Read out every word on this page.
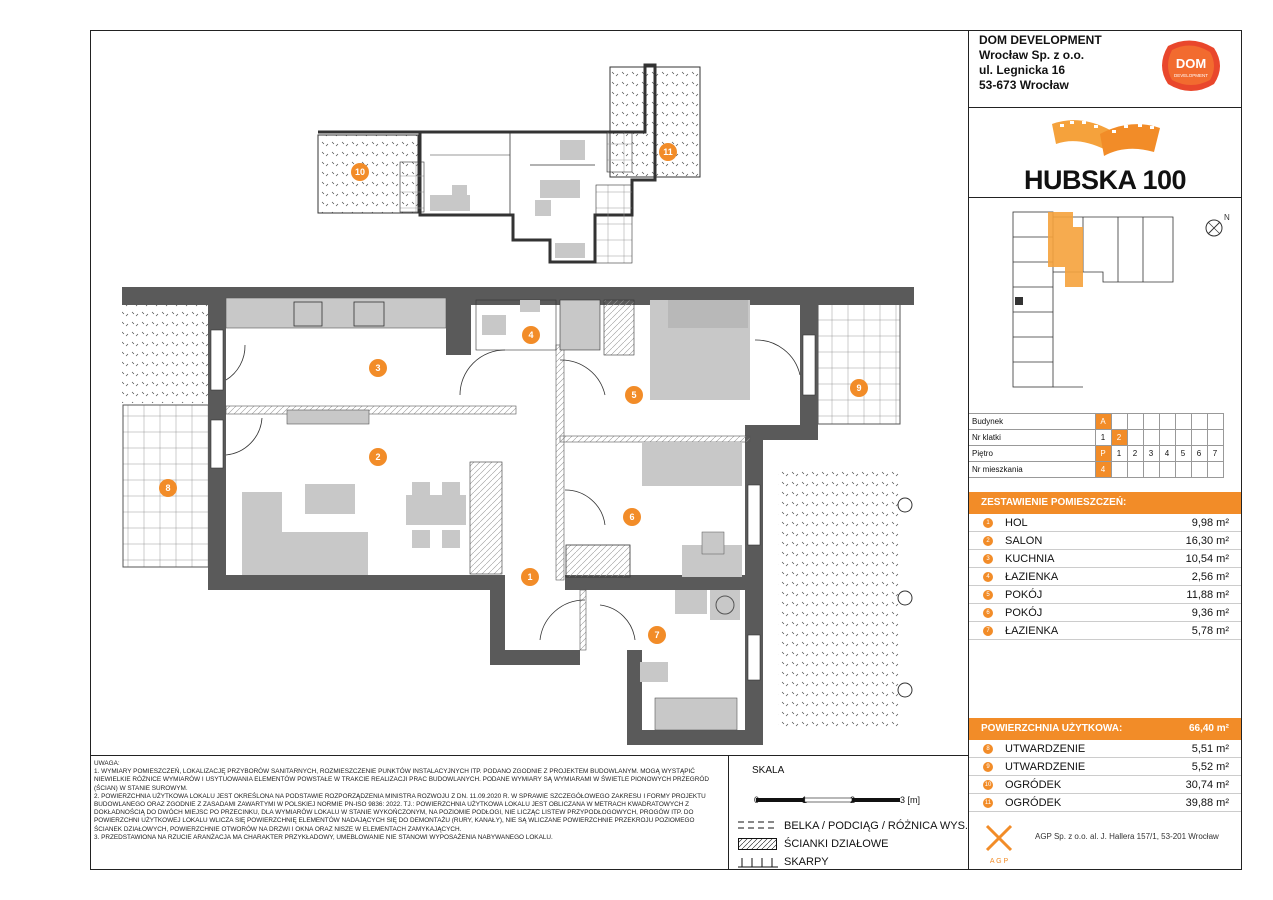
DOM DEVELOPMENT
Wrocław Sp. z o.o.
ul. Legnicka 16
53-673 Wrocław
DOM
DEVELOPMENT
HUBSKA 100
N
Budynek	A							
Nr klatki	1	2						
Piętro	P	1	2	3	4	5	6	7
Nr mieszkania	4							
ZESTAWIENIE POMIESZCZEŃ:
1	HOL	9,98 m²
2	SALON	16,30 m²
3	KUCHNIA	10,54 m²
4	ŁAZIENKA	2,56 m²
5	POKÓJ	11,88 m²
6	POKÓJ	9,36 m²
7	ŁAZIENKA	5,78 m²
POWIERZCHNIA UŻYTKOWA:	66,40 m²
8	UTWARDZENIE	5,51 m²
9	UTWARDZENIE	5,52 m²
10 OGRÓDEK	30,74 m²
11 OGRÓDEK	39,88 m²
A G P
AGP Sp. z o.o. al. J. Hallera 157/1, 53-201 Wrocław
10
11
1
2
3
4
5
6
7
8
9
UWAGA:
1. WYMIARY POMIESZCZEŃ, LOKALIZACJĘ PRZYBORÓW SANITARNYCH, ROZMIESZCZENIE PUNKTÓW INSTALACYJNYCH ITP. PODANO ZGODNIE Z PROJEKTEM BUDOWLANYM. MOGĄ WYSTĄPIĆ NIEWIELKIE RÓŻNICE WYMIARÓW I USYTUOWANIA ELEMENTÓW POWSTAŁE W TRAKCIE REALIZACJI PRAC BUDOWLANYCH. PODANE WYMIARY SĄ WYMIARAMI W ŚWIETLE PIONOWYCH PRZEGRÓD (ŚCIAN) W STANIE SUROWYM.
2. POWIERZCHNIA UŻYTKOWA LOKALU JEST OKREŚLONA NA PODSTAWIE ROZPORZĄDZENIA MINISTRA ROZWOJU Z DN. 11.09.2020 R. W SPRAWIE SZCZEGÓŁOWEGO ZAKRESU I FORMY PROJEKTU BUDOWLANEGO ORAZ ZGODNIE Z ZASADAMI ZAWARTYMI W POLSKIEJ NORMIE PN-ISO 9836: 2022. TJ.: POWIERZCHNIA UŻYTKOWA LOKALU JEST OBLICZANA W METRACH KWADRATOWYCH Z DOKŁADNOŚCIĄ DO DWÓCH MIEJSC PO PRZECINKU, DLA WYMIARÓW LOKALU W STANIE WYKOŃCZONYM, NA POZIOMIE PODŁOGI, NIE LICZĄC LISTEW PRZYPODŁOGOWYCH, PROGÓW ITP. DO POWIERZCHNI UŻYTKOWEJ LOKALU WLICZA SIĘ POWIERZCHNIĘ ELEMENTÓW NADAJĄCYCH SIĘ DO DEMONTAŻU (RURY, KANAŁY), NIE SĄ WLICZANE POWIERZCHNIE PRZEKROJU POZIOMEGO ŚCIANEK DZIAŁOWYCH, POWIERZCHNIE OTWORÓW NA DRZWI I OKNA ORAZ NISZE W ELEMENTACH ZAMYKAJĄCYCH.
3. PRZEDSTAWIONA NA RZUCIE ARANŻACJA MA CHARAKTER PRZYKŁADOWY, UMEBLOWANIE NIE STANOWI WYPOSAŻENIA NABYWANEGO LOKALU.
SKALA
0	1	2	3 [m]
BELKA / PODCIĄG / RÓŻNICA WYS.
ŚCIANKI DZIAŁOWE
SKARPY
